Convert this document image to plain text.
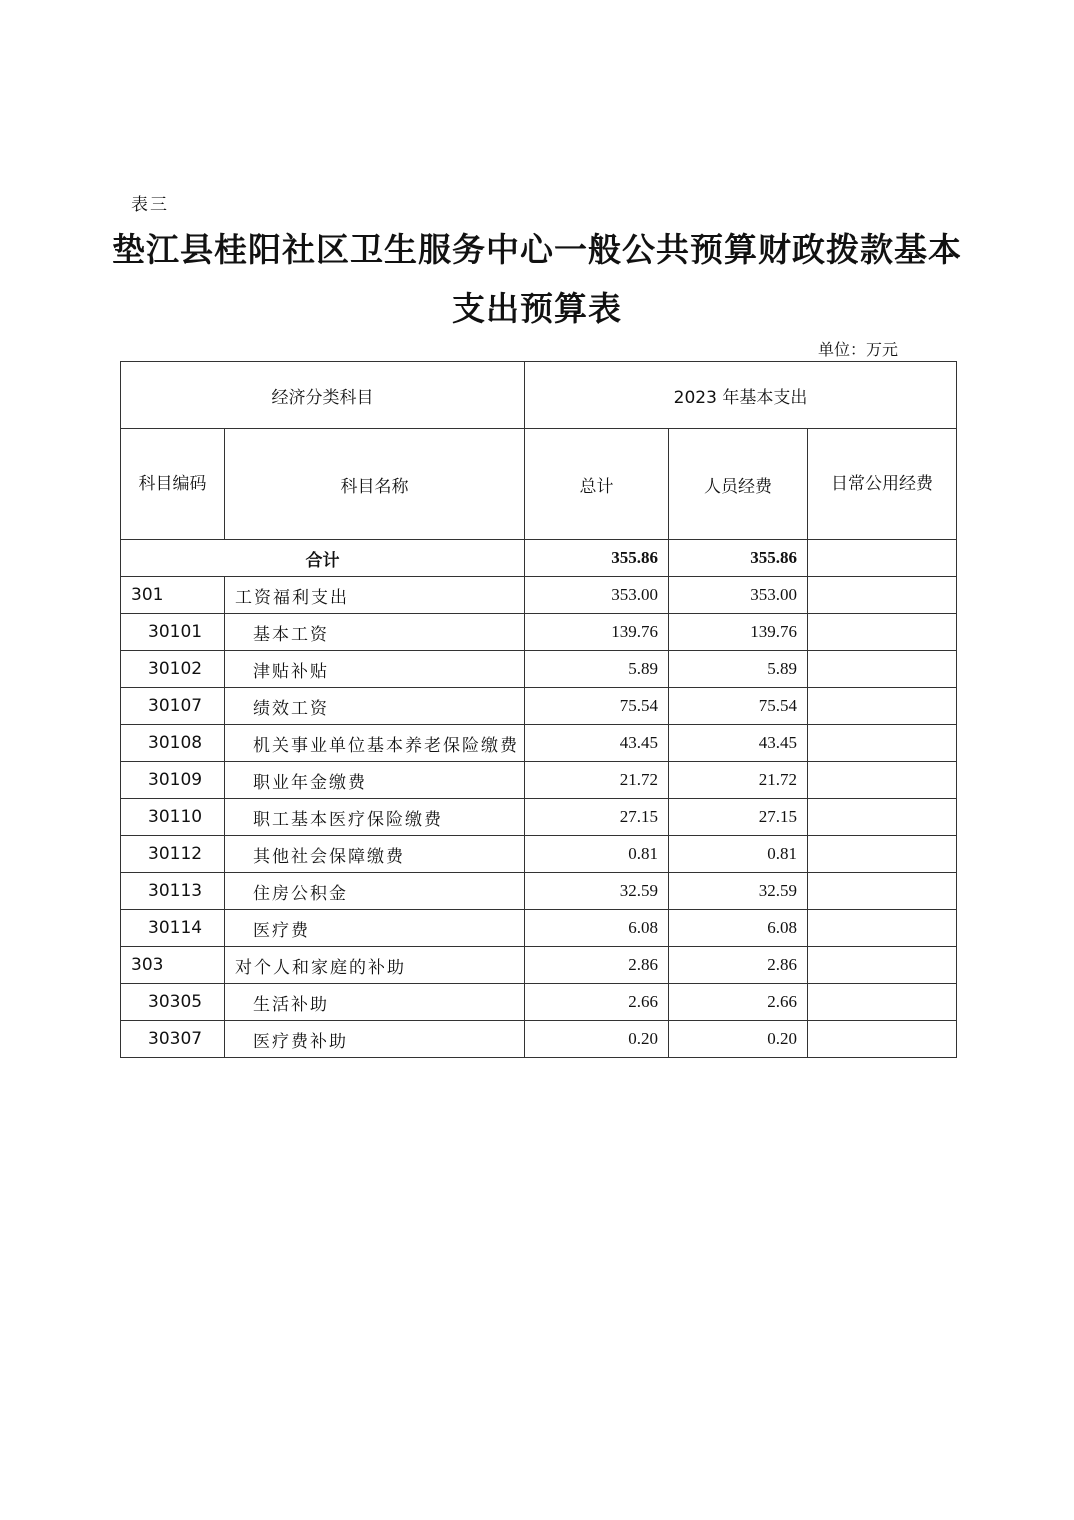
表三
垫江县桂阳社区卫生服务中心一般公共预算财政拨款基本
支出预算表
单位：万元
经济分类科目		2023 年基本支出		
科目编码	科目名称	总计	人员经费	日常公用经费
合计		355.86	355.86	
301	工资福利支出	353.00	353.00	
30101	基本工资	139.76	139.76	
30102	津贴补贴	5.89	5.89	
30107	绩效工资	75.54	75.54	
30108	机关事业单位基本养老保险缴费	43.45	43.45	
30109	职业年金缴费	21.72	21.72	
30110	职工基本医疗保险缴费	27.15	27.15	
30112	其他社会保障缴费	0.81	0.81	
30113	住房公积金	32.59	32.59	
30114	医疗费	6.08	6.08	
303	对个人和家庭的补助	2.86	2.86	
30305	生活补助	2.66	2.66	
30307	医疗费补助	0.20	0.20	
